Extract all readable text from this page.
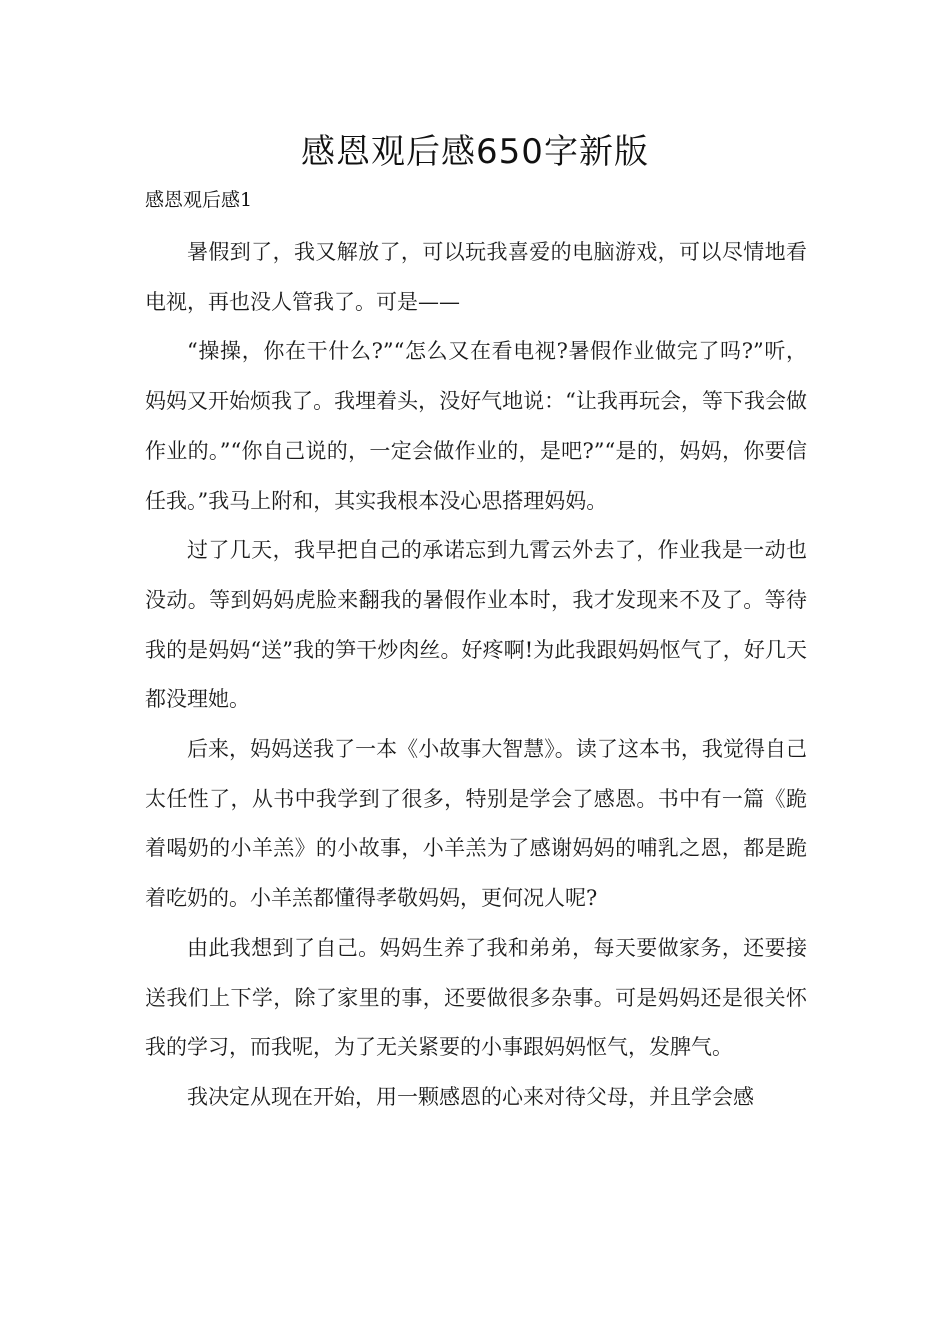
感恩观后感650字新版

感恩观后感1

暑假到了，我又解放了，可以玩我喜爱的电脑游戏，可以尽情地看电视，再也没人管我了。可是——

“操操，你在干什么?”“怎么又在看电视?暑假作业做完了吗?”听，妈妈又开始烦我了。我埋着头，没好气地说：“让我再玩会，等下我会做作业的。”“你自己说的，一定会做作业的，是吧?”“是的，妈妈，你要信任我。”我马上附和，其实我根本没心思搭理妈妈。

过了几天，我早把自己的承诺忘到九霄云外去了，作业我是一动也没动。等到妈妈虎脸来翻我的暑假作业本时，我才发现来不及了。等待我的是妈妈“送”我的笋干炒肉丝。好疼啊!为此我跟妈妈怄气了，好几天都没理她。

后来，妈妈送我了一本《小故事大智慧》。读了这本书，我觉得自己太任性了，从书中我学到了很多，特别是学会了感恩。书中有一篇《跪着喝奶的小羊羔》的小故事，小羊羔为了感谢妈妈的哺乳之恩，都是跪着吃奶的。小羊羔都懂得孝敬妈妈，更何况人呢?

由此我想到了自己。妈妈生养了我和弟弟，每天要做家务，还要接送我们上下学，除了家里的事，还要做很多杂事。可是妈妈还是很关怀我的学习，而我呢，为了无关紧要的小事跟妈妈怄气，发脾气。

我决定从现在开始，用一颗感恩的心来对待父母，并且学会感
